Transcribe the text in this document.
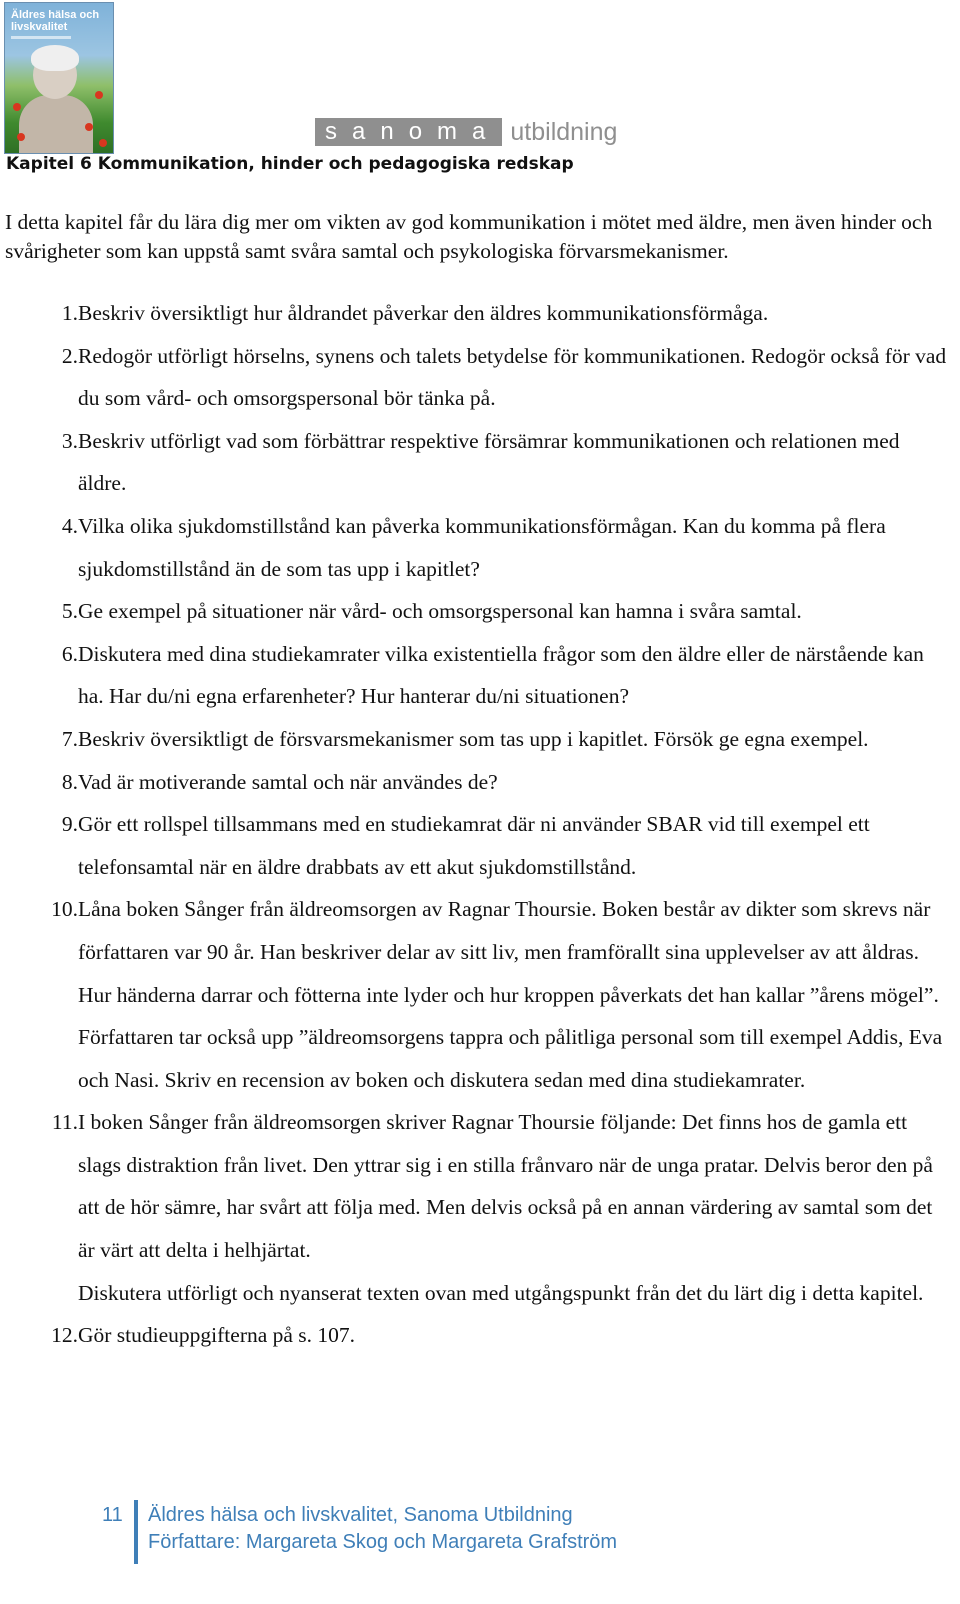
Äldres hälsa och livskvalitet
sanoma utbildning
Kapitel 6 Kommunikation, hinder och pedagogiska redskap

I detta kapitel får du lära dig mer om vikten av god kommunikation i mötet med äldre, men även hinder och svårigheter som kan uppstå samt svåra samtal och psykologiska förvarsmekanismer.

1. Beskriv översiktligt hur åldrandet påverkar den äldres kommunikationsförmåga.
2. Redogör utförligt hörselns, synens och talets betydelse för kommunikationen. Redogör också för vad du som vård- och omsorgspersonal bör tänka på.
3. Beskriv utförligt vad som förbättrar respektive försämrar kommunikationen och relationen med äldre.
4. Vilka olika sjukdomstillstånd kan påverka kommunikationsförmågan. Kan du komma på flera sjukdomstillstånd än de som tas upp i kapitlet?
5. Ge exempel på situationer när vård- och omsorgspersonal kan hamna i svåra samtal.
6. Diskutera med dina studiekamrater vilka existentiella frågor som den äldre eller de närstående kan ha. Har du/ni egna erfarenheter? Hur hanterar du/ni situationen?
7. Beskriv översiktligt de försvarsmekanismer som tas upp i kapitlet. Försök ge egna exempel.
8. Vad är motiverande samtal och när användes de?
9. Gör ett rollspel tillsammans med en studiekamrat där ni använder SBAR vid till exempel ett telefonsamtal när en äldre drabbats av ett akut sjukdomstillstånd.
10. Låna boken Sånger från äldreomsorgen av Ragnar Thoursie. Boken består av dikter som skrevs när författaren var 90 år. Han beskriver delar av sitt liv, men framförallt sina upplevelser av att åldras. Hur händerna darrar och fötterna inte lyder och hur kroppen påverkats det han kallar ”årens mögel”. Författaren tar också upp ”äldreomsorgens tappra och pålitliga personal som till exempel Addis, Eva och Nasi. Skriv en recension av boken och diskutera sedan med dina studiekamrater.
11. I boken Sånger från äldreomsorgen skriver Ragnar Thoursie följande: Det finns hos de gamla ett slags distraktion från livet. Den yttrar sig i en stilla frånvaro när de unga pratar. Delvis beror den på att de hör sämre, har svårt att följa med. Men delvis också på en annan värdering av samtal som det är värt att delta i helhjärtat.
Diskutera utförligt och nyanserat texten ovan med utgångspunkt från det du lärt dig i detta kapitel.
12. Gör studieuppgifterna på s. 107.
11 Äldres hälsa och livskvalitet, Sanoma Utbildning
Författare: Margareta Skog och Margareta Grafström
